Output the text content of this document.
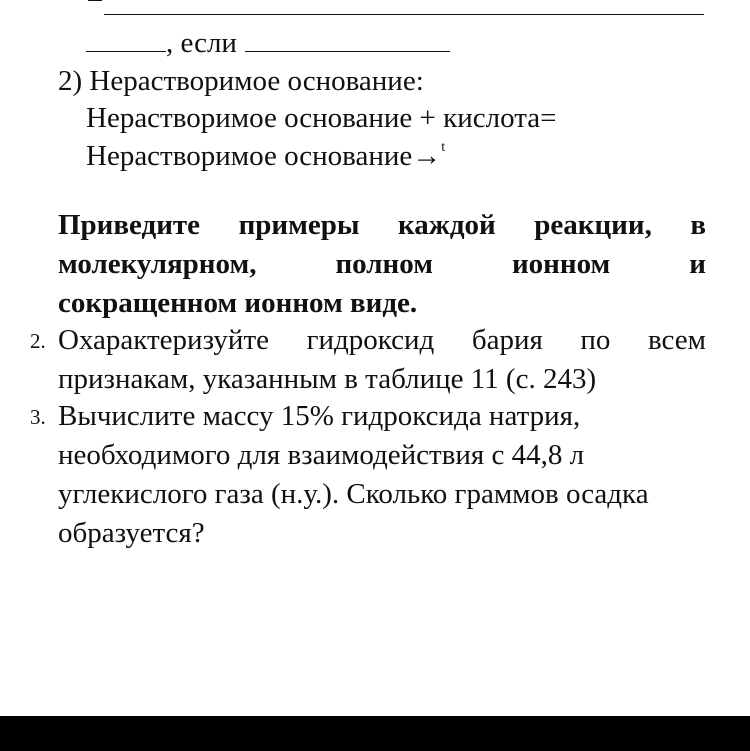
, если
2) Нерастворимое основание:
Нерастворимое основание + кислота=
Нерастворимое основание→$^t$
Приведите примеры каждой реакции, в
молекулярном, полном ионном и
сокращенном ионном виде.
2. Охарактеризуйте гидроксид бария по всем
признакам, указанным в таблице 11 (с. 243)
3. Вычислите массу 15% гидроксида натрия,
необходимого для взаимодействия с 44,8 л
углекислого газа (н.у.). Сколько граммов осадка
образуется?
